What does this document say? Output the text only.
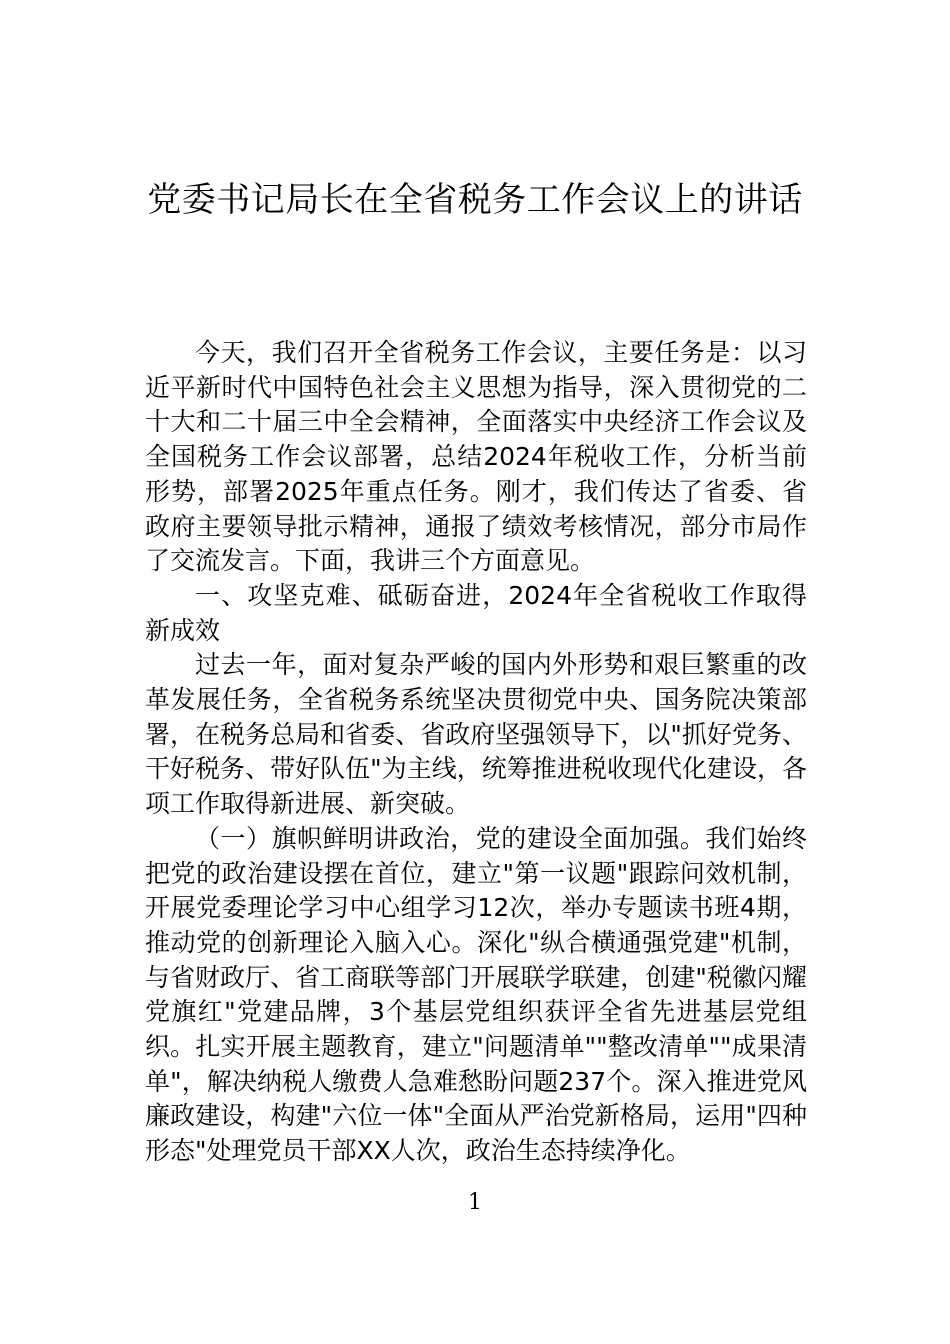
党委书记局长在全省税务工作会议上的讲话

今天，我们召开全省税务工作会议，主要任务是：以习近平新时代中国特色社会主义思想为指导，深入贯彻党的二十大和二十届三中全会精神，全面落实中央经济工作会议及全国税务工作会议部署，总结2024年税收工作，分析当前形势，部署2025年重点任务。刚才，我们传达了省委、省政府主要领导批示精神，通报了绩效考核情况，部分市局作了交流发言。下面，我讲三个方面意见。

一、攻坚克难、砥砺奋进，2024年全省税收工作取得新成效

过去一年，面对复杂严峻的国内外形势和艰巨繁重的改革发展任务，全省税务系统坚决贯彻党中央、国务院决策部署，在税务总局和省委、省政府坚强领导下，以"抓好党务、干好税务、带好队伍"为主线，统筹推进税收现代化建设，各项工作取得新进展、新突破。

（一）旗帜鲜明讲政治，党的建设全面加强。我们始终把党的政治建设摆在首位，建立"第一议题"跟踪问效机制，开展党委理论学习中心组学习12次，举办专题读书班4期，推动党的创新理论入脑入心。深化"纵合横通强党建"机制，与省财政厅、省工商联等部门开展联学联建，创建"税徽闪耀党旗红"党建品牌，3个基层党组织获评全省先进基层党组织。扎实开展主题教育，建立"问题清单""整改清单""成果清单"，解决纳税人缴费人急难愁盼问题237个。深入推进党风廉政建设，构建"六位一体"全面从严治党新格局，运用"四种形态"处理党员干部XX人次，政治生态持续净化。

1
